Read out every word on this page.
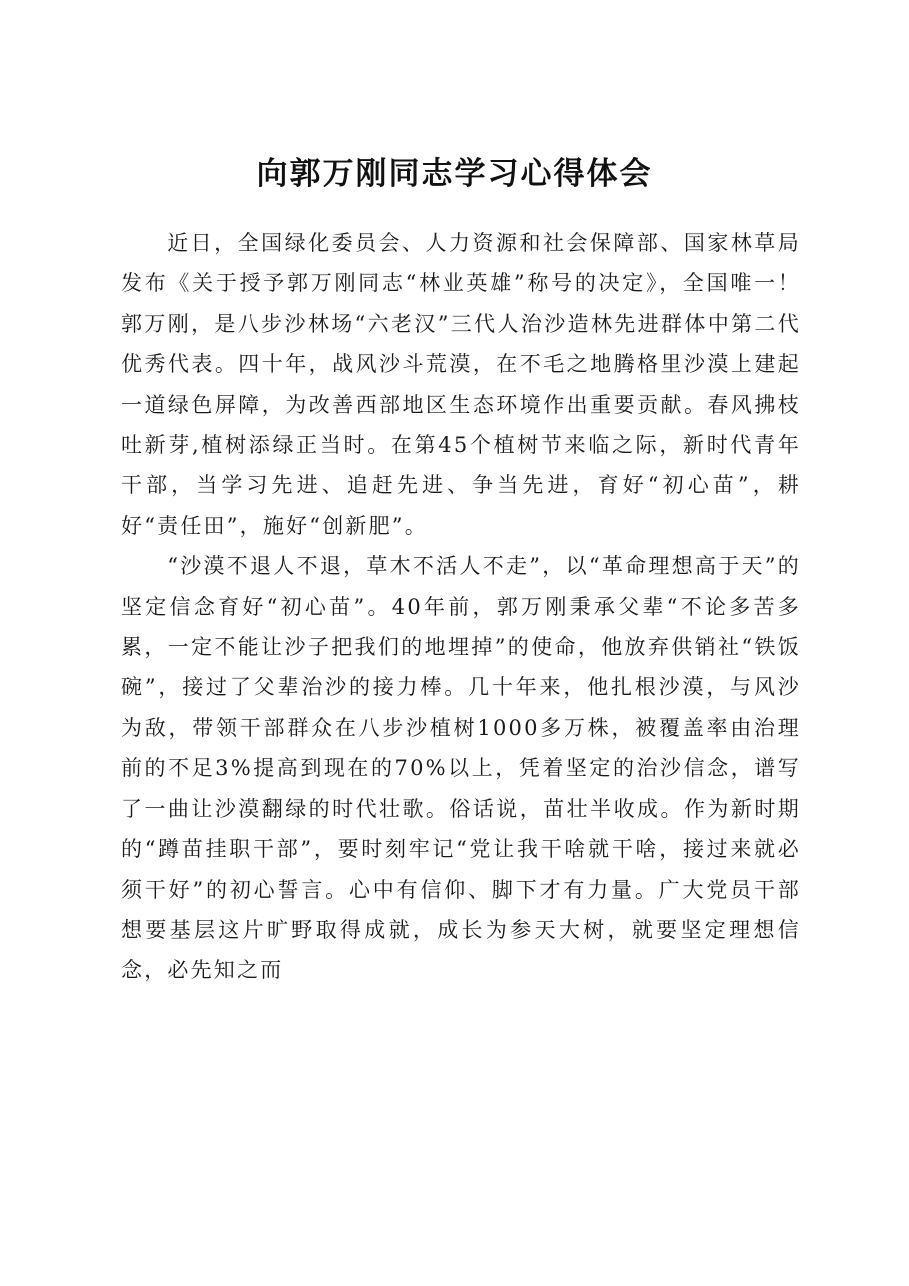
向郭万刚同志学习心得体会

近日，全国绿化委员会、人力资源和社会保障部、国家林草局发布《关于授予郭万刚同志“林业英雄”称号的决定》，全国唯一！郭万刚，是八步沙林场“六老汉”三代人治沙造林先进群体中第二代优秀代表。四十年，战风沙斗荒漠，在不毛之地腾格里沙漠上建起一道绿色屏障，为改善西部地区生态环境作出重要贡献。春风拂枝吐新芽,植树添绿正当时。在第45个植树节来临之际，新时代青年干部，当学习先进、追赶先进、争当先进，育好“初心苗”，耕好“责任田”，施好“创新肥”。

“沙漠不退人不退，草木不活人不走”，以“革命理想高于天”的坚定信念育好“初心苗”。40年前，郭万刚秉承父辈“不论多苦多累，一定不能让沙子把我们的地埋掉”的使命，他放弃供销社“铁饭碗”，接过了父辈治沙的接力棒。几十年来，他扎根沙漠，与风沙为敌，带领干部群众在八步沙植树1000多万株，被覆盖率由治理前的不足3%提高到现在的70%以上，凭着坚定的治沙信念，谱写了一曲让沙漠翻绿的时代壮歌。俗话说，苗壮半收成。作为新时期的“蹲苗挂职干部”，要时刻牢记“党让我干啥就干啥，接过来就必须干好”的初心誓言。心中有信仰、脚下才有力量。广大党员干部想要基层这片旷野取得成就，成长为参天大树，就要坚定理想信念，必先知之而
